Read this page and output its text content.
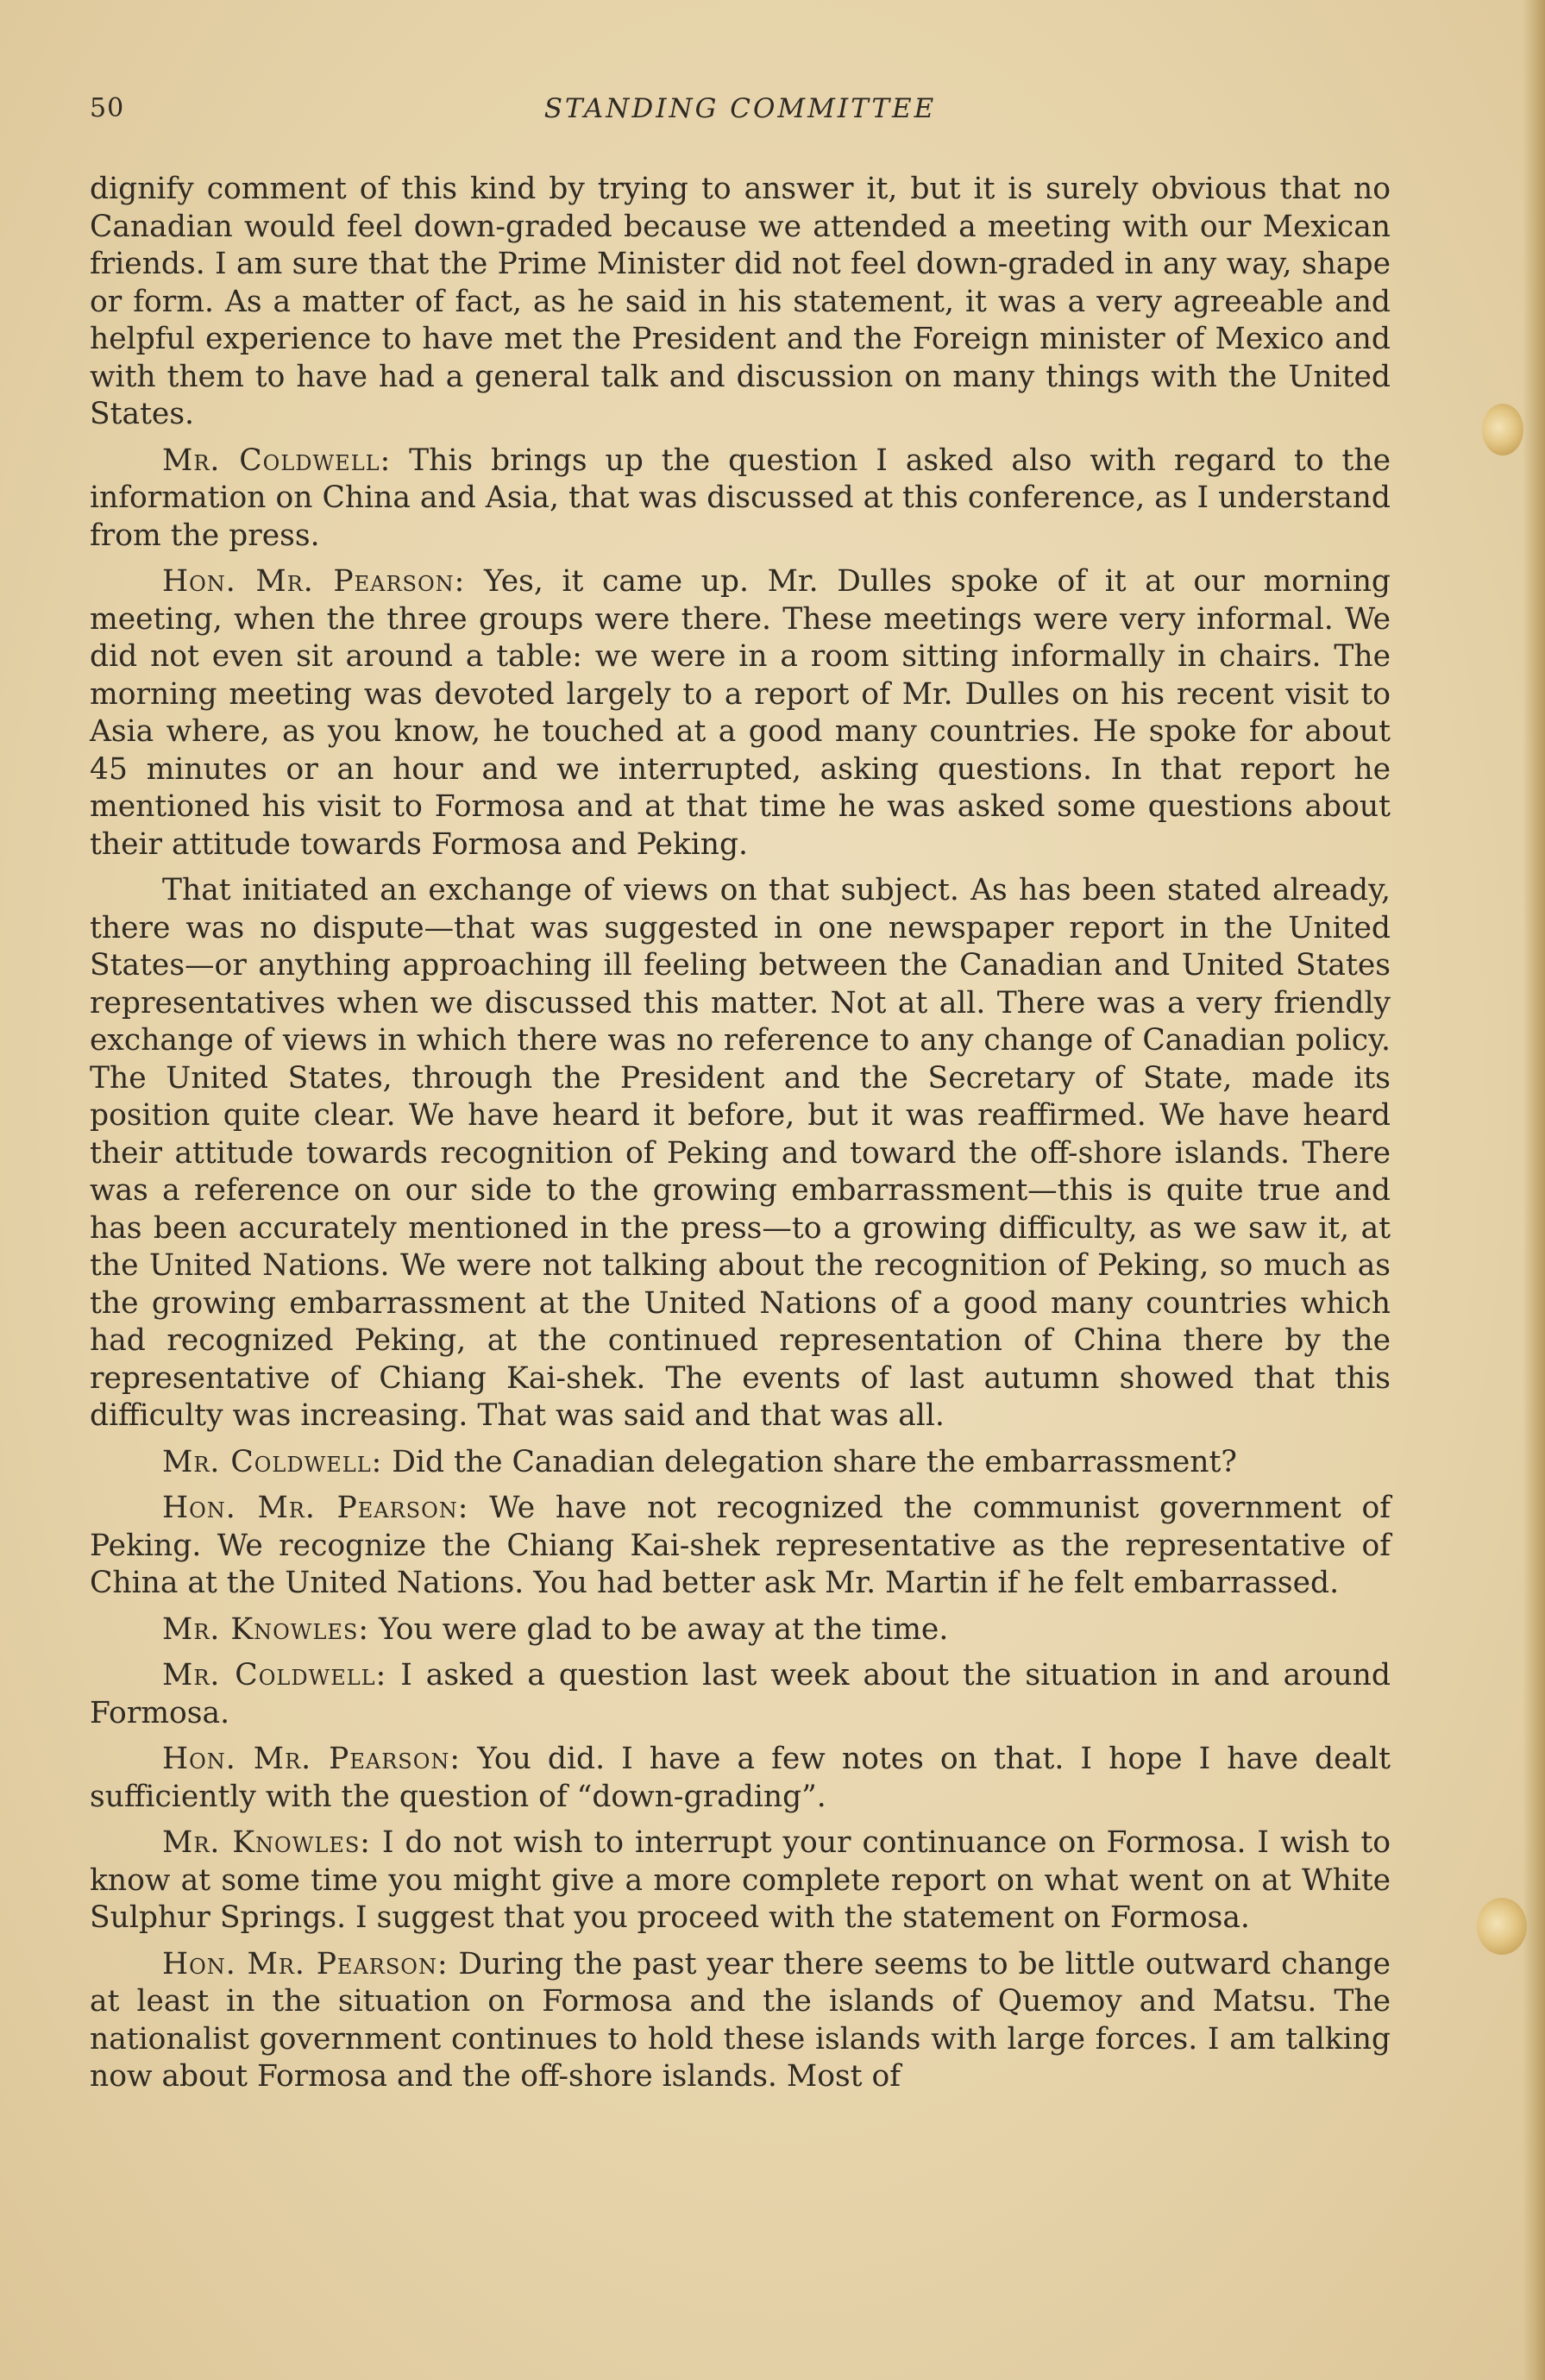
50	STANDING COMMITTEE

dignify comment of this kind by trying to answer it, but it is surely obvious that no Canadian would feel down-graded because we attended a meeting with our Mexican friends. I am sure that the Prime Minister did not feel down-graded in any way, shape or form. As a matter of fact, as he said in his statement, it was a very agreeable and helpful experience to have met the President and the Foreign minister of Mexico and with them to have had a general talk and discussion on many things with the United States.

Mr. Coldwell: This brings up the question I asked also with regard to the information on China and Asia, that was discussed at this conference, as I understand from the press.

Hon. Mr. Pearson: Yes, it came up. Mr. Dulles spoke of it at our morning meeting, when the three groups were there. These meetings were very informal. We did not even sit around a table: we were in a room sitting informally in chairs. The morning meeting was devoted largely to a report of Mr. Dulles on his recent visit to Asia where, as you know, he touched at a good many countries. He spoke for about 45 minutes or an hour and we interrupted, asking questions. In that report he mentioned his visit to Formosa and at that time he was asked some questions about their attitude towards Formosa and Peking.

That initiated an exchange of views on that subject. As has been stated already, there was no dispute—that was suggested in one newspaper report in the United States—or anything approaching ill feeling between the Canadian and United States representatives when we discussed this matter. Not at all. There was a very friendly exchange of views in which there was no reference to any change of Canadian policy. The United States, through the President and the Secretary of State, made its position quite clear. We have heard it before, but it was reaffirmed. We have heard their attitude towards recognition of Peking and toward the off-shore islands. There was a reference on our side to the growing embarrassment—this is quite true and has been accurately mentioned in the press—to a growing difficulty, as we saw it, at the United Nations. We were not talking about the recognition of Peking, so much as the growing embarrassment at the United Nations of a good many countries which had recognized Peking, at the continued representation of China there by the representative of Chiang Kai-shek. The events of last autumn showed that this difficulty was increasing. That was said and that was all.

Mr. Coldwell: Did the Canadian delegation share the embarrassment?

Hon. Mr. Pearson: We have not recognized the communist government of Peking. We recognize the Chiang Kai-shek representative as the representative of China at the United Nations. You had better ask Mr. Martin if he felt embarrassed.

Mr. Knowles: You were glad to be away at the time.

Mr. Coldwell: I asked a question last week about the situation in and around Formosa.

Hon. Mr. Pearson: You did. I have a few notes on that. I hope I have dealt sufficiently with the question of “down-grading”.

Mr. Knowles: I do not wish to interrupt your continuance on Formosa. I wish to know at some time you might give a more complete report on what went on at White Sulphur Springs. I suggest that you proceed with the statement on Formosa.

Hon. Mr. Pearson: During the past year there seems to be little outward change at least in the situation on Formosa and the islands of Quemoy and Matsu. The nationalist government continues to hold these islands with large forces. I am talking now about Formosa and the off-shore islands. Most of
